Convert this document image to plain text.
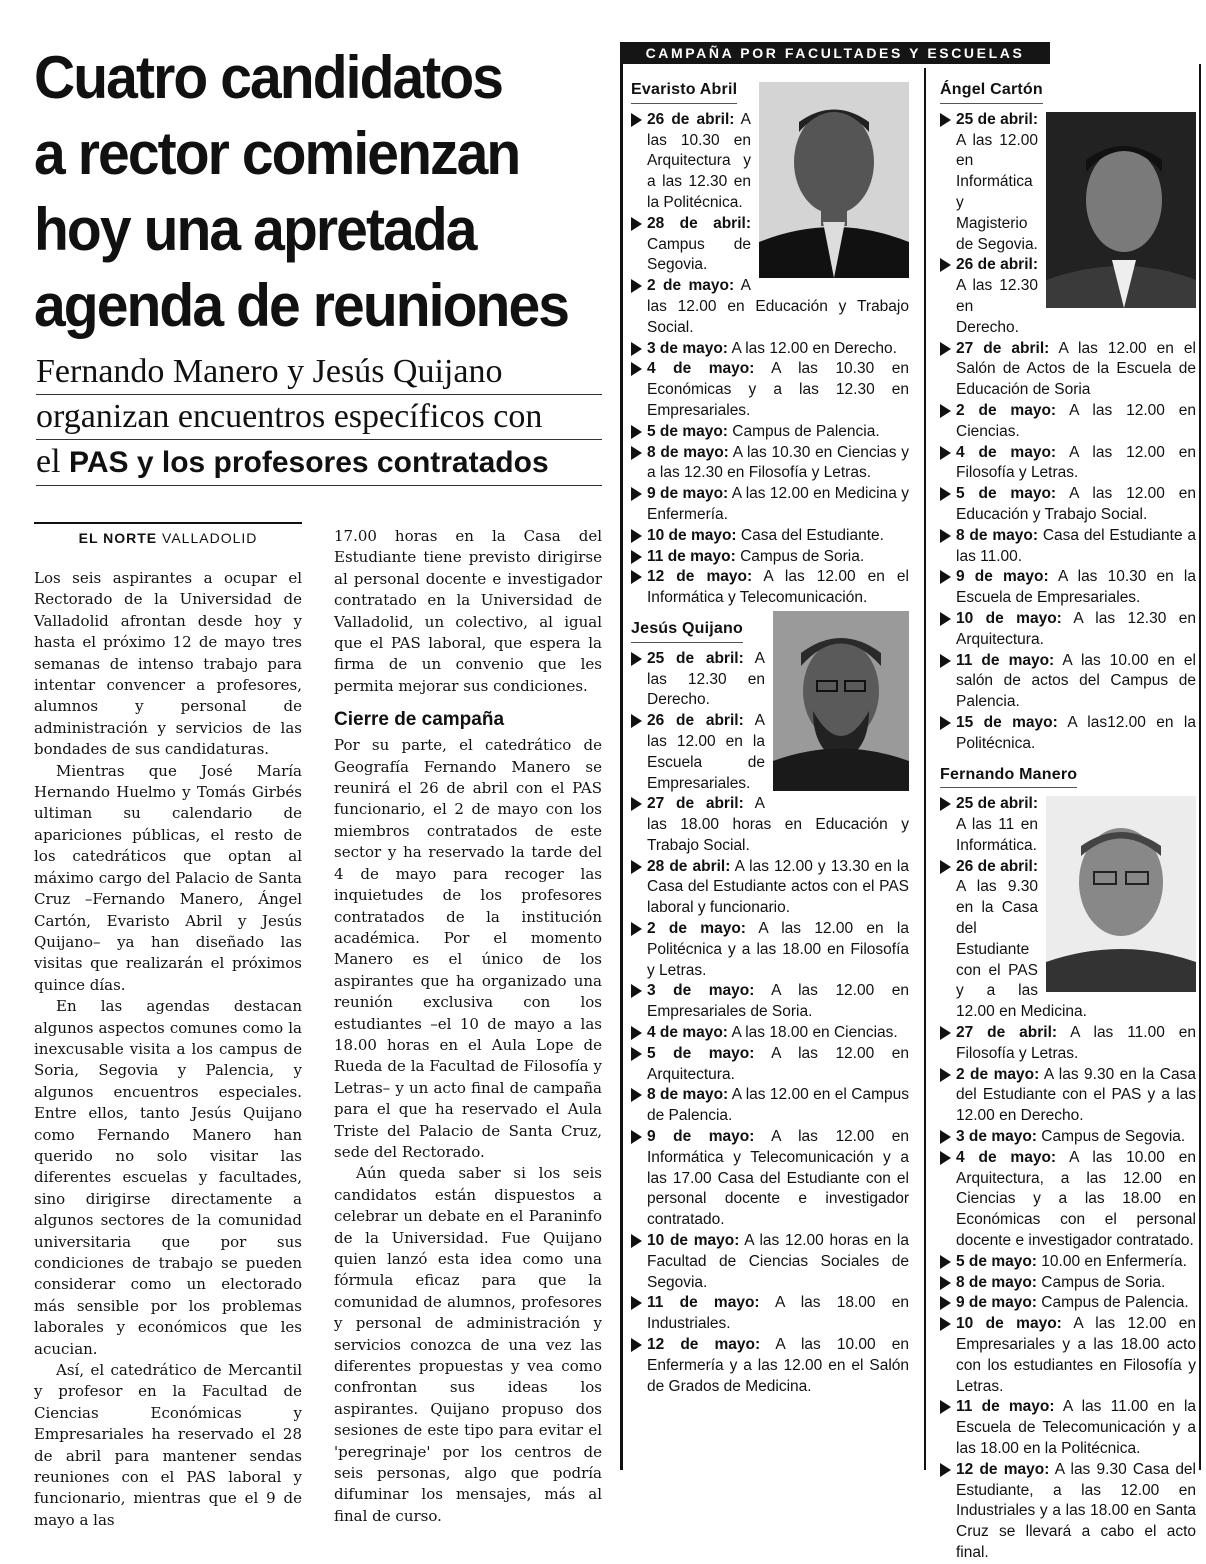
Cuatro candidatos
a rector comienzan
hoy una apretada
agenda de reuniones
Fernando Manero y Jesús Quijano
organizan encuentros específicos con
el PAS y los profesores contratados
EL NORTE VALLADOLID

Los seis aspirantes a ocupar el Rectorado de la Universidad de Valladolid afrontan desde hoy y hasta el próximo 12 de mayo tres semanas de intenso trabajo para intentar convencer a profesores, alumnos y personal de administración y servicios de las bondades de sus candidaturas.

Mientras que José María Hernando Huelmo y Tomás Girbés ultiman su calendario de apariciones públicas, el resto de los catedráticos que optan al máximo cargo del Palacio de Santa Cruz –Fernando Manero, Ángel Cartón, Evaristo Abril y Jesús Quijano– ya han diseñado las visitas que realizarán el próximos quince días.

En las agendas destacan algunos aspectos comunes como la inexcusable visita a los campus de Soria, Segovia y Palencia, y algunos encuentros especiales. Entre ellos, tanto Jesús Quijano como Fernando Manero han querido no solo visitar las diferentes escuelas y facultades, sino dirigirse directamente a algunos sectores de la comunidad universitaria que por sus condiciones de trabajo se pueden considerar como un electorado más sensible por los problemas laborales y económicos que les acucian.

Así, el catedrático de Mercantil y profesor en la Facultad de Ciencias Económicas y Empresariales ha reservado el 28 de abril para mantener sendas reuniones con el PAS laboral y funcionario, mientras que el 9 de mayo a las

17.00 horas en la Casa del Estudiante tiene previsto dirigirse al personal docente e investigador contratado en la Universidad de Valladolid, un colectivo, al igual que el PAS laboral, que espera la firma de un convenio que les permita mejorar sus condiciones.

Cierre de campaña

Por su parte, el catedrático de Geografía Fernando Manero se reunirá el 26 de abril con el PAS funcionario, el 2 de mayo con los miembros contratados de este sector y ha reservado la tarde del 4 de mayo para recoger las inquietudes de los profesores contratados de la institución académica. Por el momento Manero es el único de los aspirantes que ha organizado una reunión exclusiva con los estudiantes –el 10 de mayo a las 18.00 horas en el Aula Lope de Rueda de la Facultad de Filosofía y Letras– y un acto final de campaña para el que ha reservado el Aula Triste del Palacio de Santa Cruz, sede del Rectorado.

Aún queda saber si los seis candidatos están dispuestos a celebrar un debate en el Paraninfo de la Universidad. Fue Quijano quien lanzó esta idea como una fórmula eficaz para que la comunidad de alumnos, profesores y personal de administración y servicios conozca de una vez las diferentes propuestas y vea como confrontan sus ideas los aspirantes. Quijano propuso dos sesiones de este tipo para evitar el 'peregrinaje' por los centros de seis personas, algo que podría difuminar los mensajes, más al final de curso.

CAMPAÑA POR FACULTADES Y ESCUELAS
Evaristo Abril

26 de abril: A las 10.30 en Arquitectura y a las 12.30 en la Politécnica.

28 de abril: Campus de Segovia.

2 de mayo: A las 12.00 en Educación y Trabajo Social.

3 de mayo: A las 12.00 en Derecho.

4 de mayo: A las 10.30 en Económicas y a las 12.30 en Empresariales.

5 de mayo: Campus de Palencia.

8 de mayo: A las 10.30 en Ciencias y a las 12.30 en Filosofía y Letras.

9 de mayo: A las 12.00 en Medicina y Enfermería.

10 de mayo: Casa del Estudiante.

11 de mayo: Campus de Soria.

12 de mayo: A las 12.00 en el Informática y Telecomunicación.

Jesús Quijano

25 de abril: A las 12.30 en Derecho.

26 de abril: A las 12.00 en la Escuela de Empresariales.

27 de abril: A las 18.00 horas en Educación y Trabajo Social.

28 de abril: A las 12.00 y 13.30 en la Casa del Estudiante actos con el PAS laboral y funcionario.

2 de mayo: A las 12.00 en la Politécnica y a las 18.00 en Filosofía y Letras.

3 de mayo: A las 12.00 en Empresariales de Soria.

4 de mayo: A las 18.00 en Ciencias.

5 de mayo: A las 12.00 en Arquitectura.

8 de mayo: A las 12.00 en el Campus de Palencia.

9 de mayo: A las 12.00 en Informática y Telecomunicación y a las 17.00 Casa del Estudiante con el personal docente e investigador contratado.

10 de mayo: A las 12.00 horas en la Facultad de Ciencias Sociales de Segovia.

11 de mayo: A las 18.00 en Industriales.

12 de mayo: A las 10.00 en Enfermería y a las 12.00 en el Salón de Grados de Medicina.

Ángel Cartón

25 de abril: A las 12.00 en Informática y Magisterio de Segovia.

26 de abril: A las 12.30 en Derecho.

27 de abril: A las 12.00 en el Salón de Actos de la Escuela de Educación de Soria

2 de mayo: A las 12.00 en Ciencias.

4 de mayo: A las 12.00 en Filosofía y Letras.

5 de mayo: A las 12.00 en Educación y Trabajo Social.

8 de mayo: Casa del Estudiante a las 11.00.

9 de mayo: A las 10.30 en la Escuela de Empresariales.

10 de mayo: A las 12.30 en Arquitectura.

11 de mayo: A las 10.00 en el salón de actos del Campus de Palencia.

15 de mayo: A las12.00 en la Politécnica.

Fernando Manero

25 de abril: A las 11 en Informática.

26 de abril: A las 9.30 en la Casa del Estudiante con el PAS y a las 12.00 en Medicina.

27 de abril: A las 11.00 en Filosofía y Letras.

2 de mayo: A las 9.30 en la Casa del Estudiante con el PAS y a las 12.00 en Derecho.

3 de mayo: Campus de Segovia.

4 de mayo: A las 10.00 en Arquitectura, a las 12.00 en Ciencias y a las 18.00 en Económicas con el personal docente e investigador contratado.

5 de mayo: 10.00 en Enfermería.

8 de mayo: Campus de Soria.

9 de mayo: Campus de Palencia.

10 de mayo: A las 12.00 en Empresariales y a las 18.00 acto con los estudiantes en Filosofía y Letras.

11 de mayo: A las 11.00 en la Escuela de Telecomunicación y a las 18.00 en la Politécnica.

12 de mayo: A las 9.30 Casa del Estudiante, a las 12.00 en Industriales y a las 18.00 en Santa Cruz se llevará a cabo el acto final.
